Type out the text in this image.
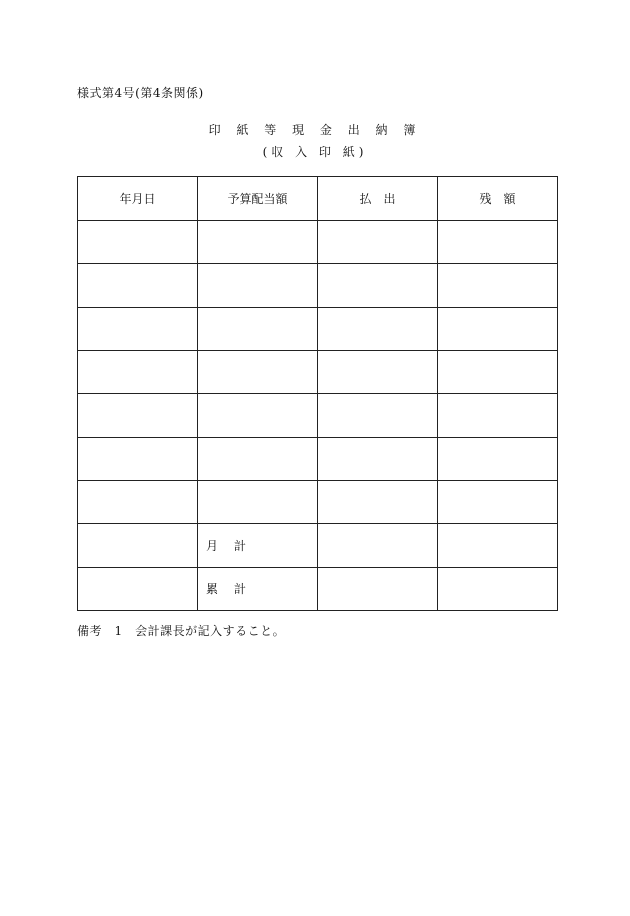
様式第4号(第4条関係)
印 紙 等 現 金 出 納 簿
(収 入 印 紙)
年月日	予算配当額	払　出	残　額

	月　計		
	累　計		
備考　1　会計課長が記入すること。
